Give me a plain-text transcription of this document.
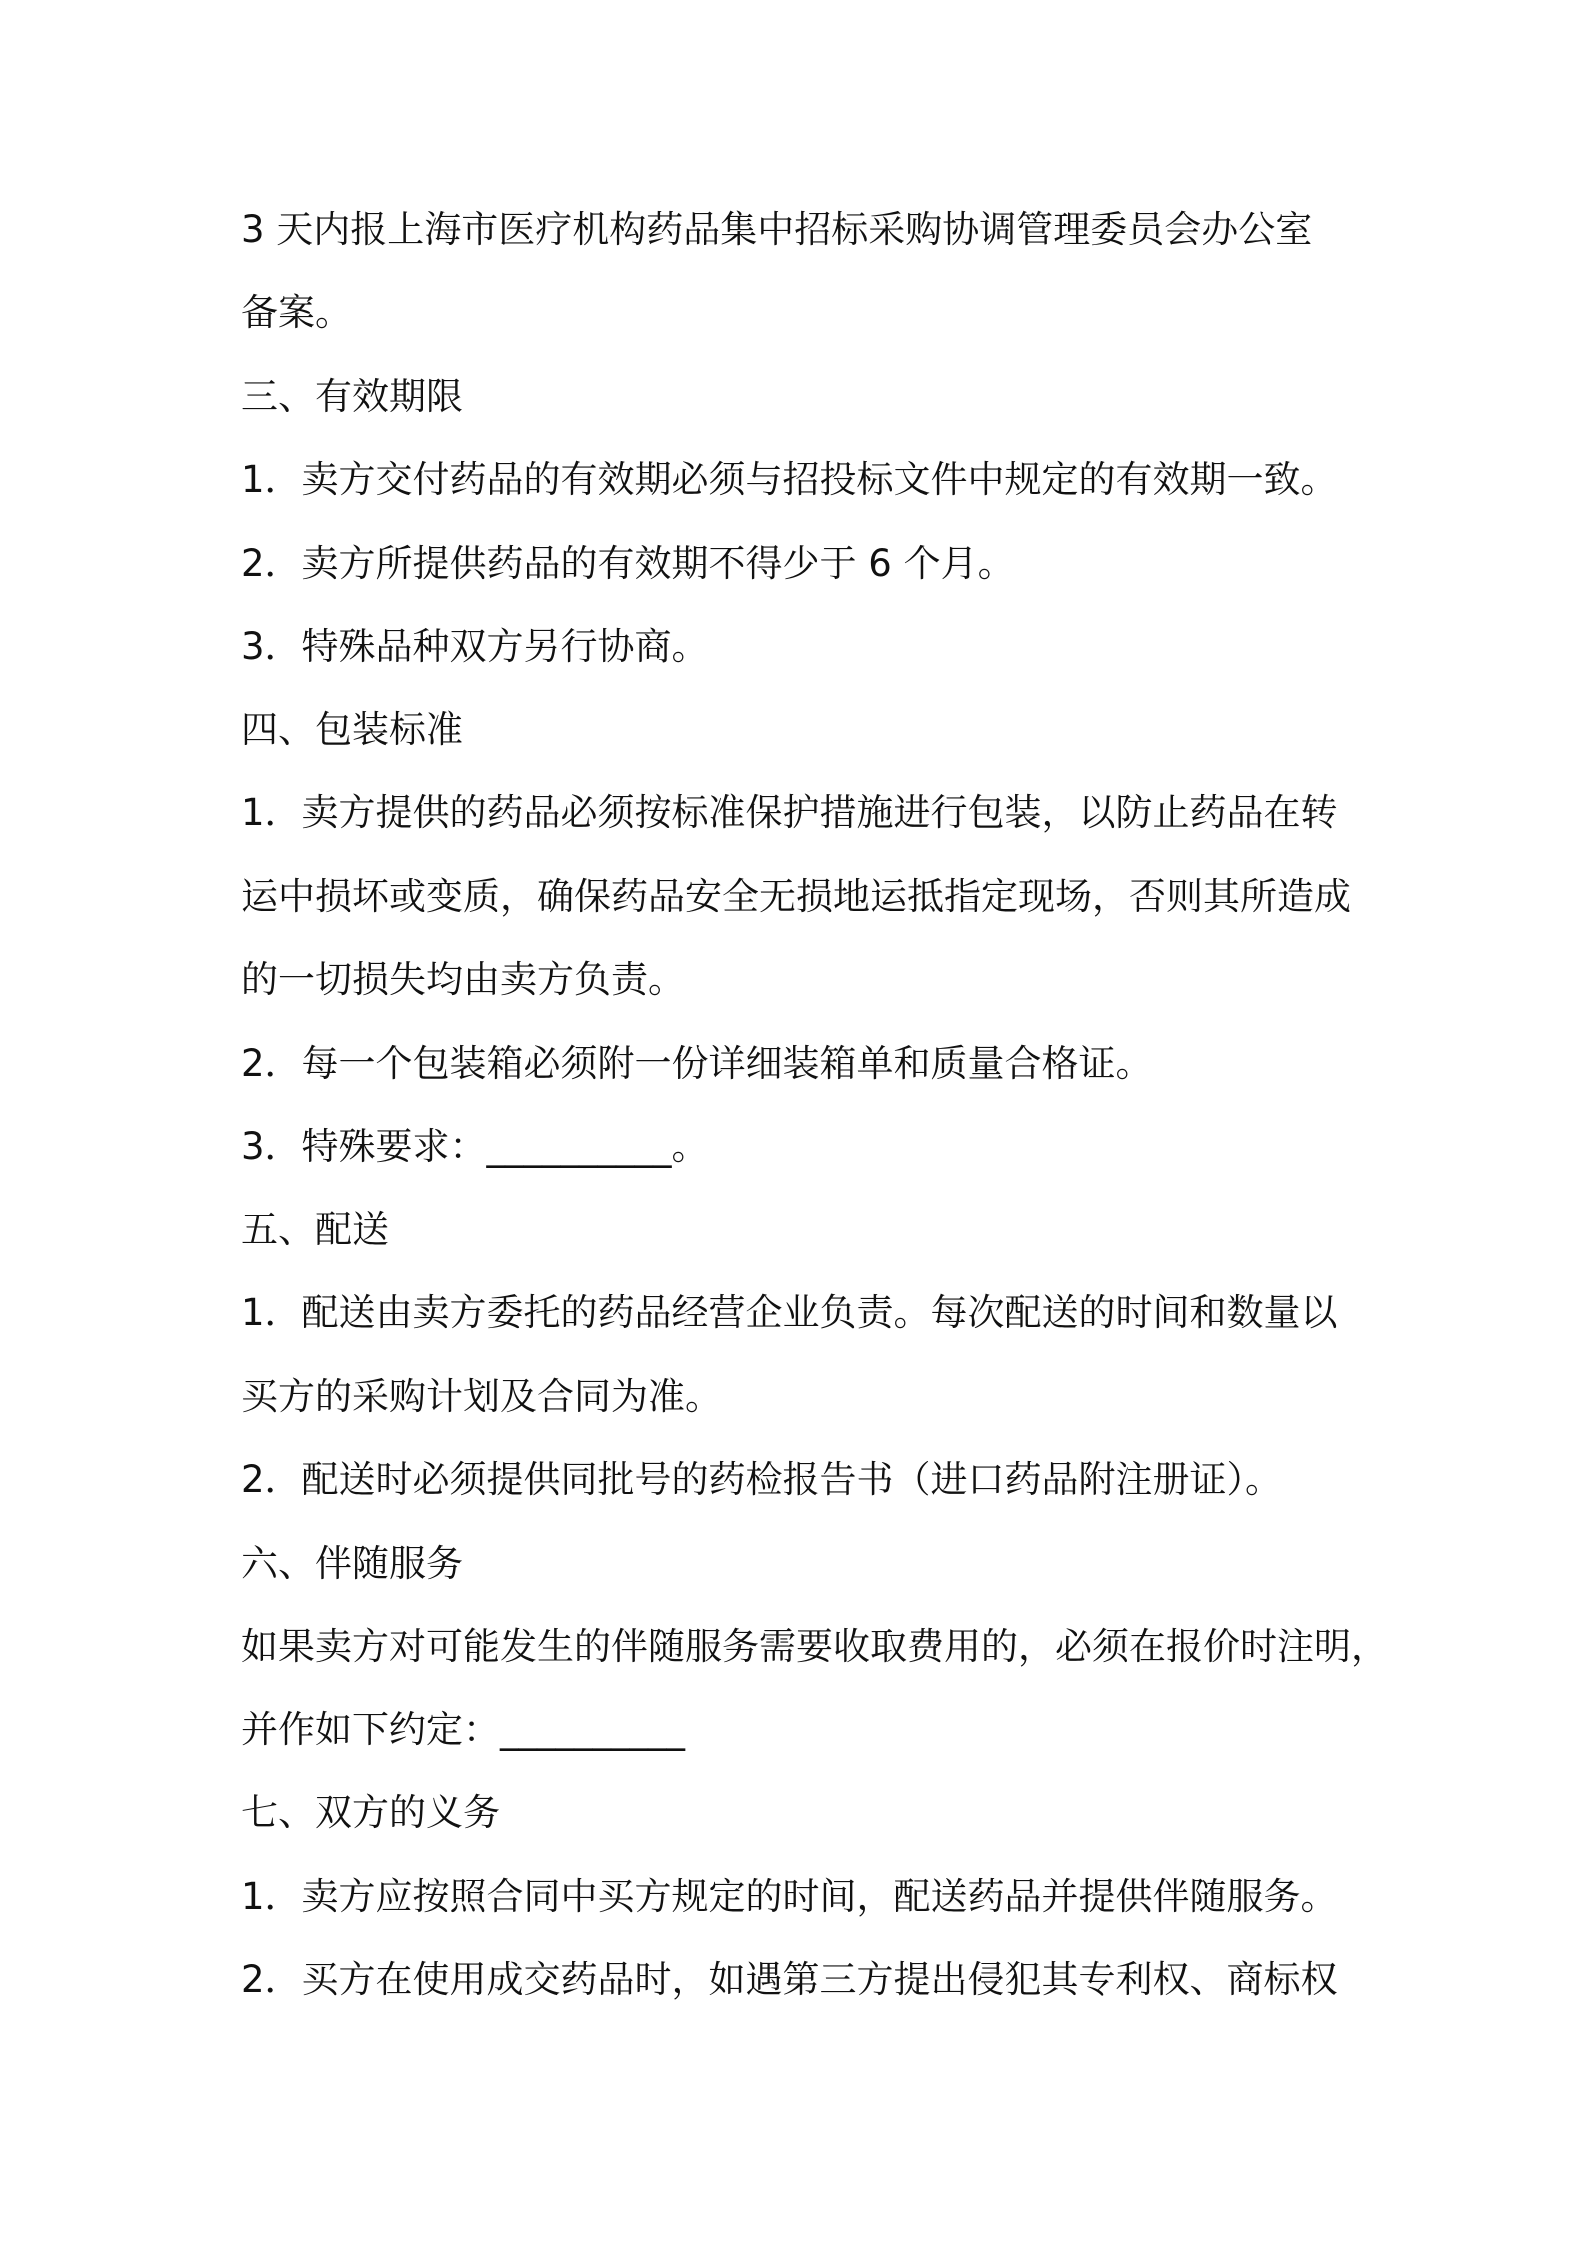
3 天内报上海市医疗机构药品集中招标采购协调管理委员会办公室

备案。

三、有效期限

1．卖方交付药品的有效期必须与招投标文件中规定的有效期一致。

2．卖方所提供药品的有效期不得少于 6 个月。

3．特殊品种双方另行协商。

四、包装标准

1．卖方提供的药品必须按标准保护措施进行包装，以防止药品在转

运中损坏或变质，确保药品安全无损地运抵指定现场，否则其所造成

的一切损失均由卖方负责。

2．每一个包装箱必须附一份详细装箱单和质量合格证。

3．特殊要求：__________。

五、配送

1．配送由卖方委托的药品经营企业负责。每次配送的时间和数量以

买方的采购计划及合同为准。

2．配送时必须提供同批号的药检报告书（进口药品附注册证）。

六、伴随服务

如果卖方对可能发生的伴随服务需要收取费用的，必须在报价时注明，

并作如下约定：__________

七、双方的义务

1．卖方应按照合同中买方规定的时间，配送药品并提供伴随服务。

2．买方在使用成交药品时，如遇第三方提出侵犯其专利权、商标权
